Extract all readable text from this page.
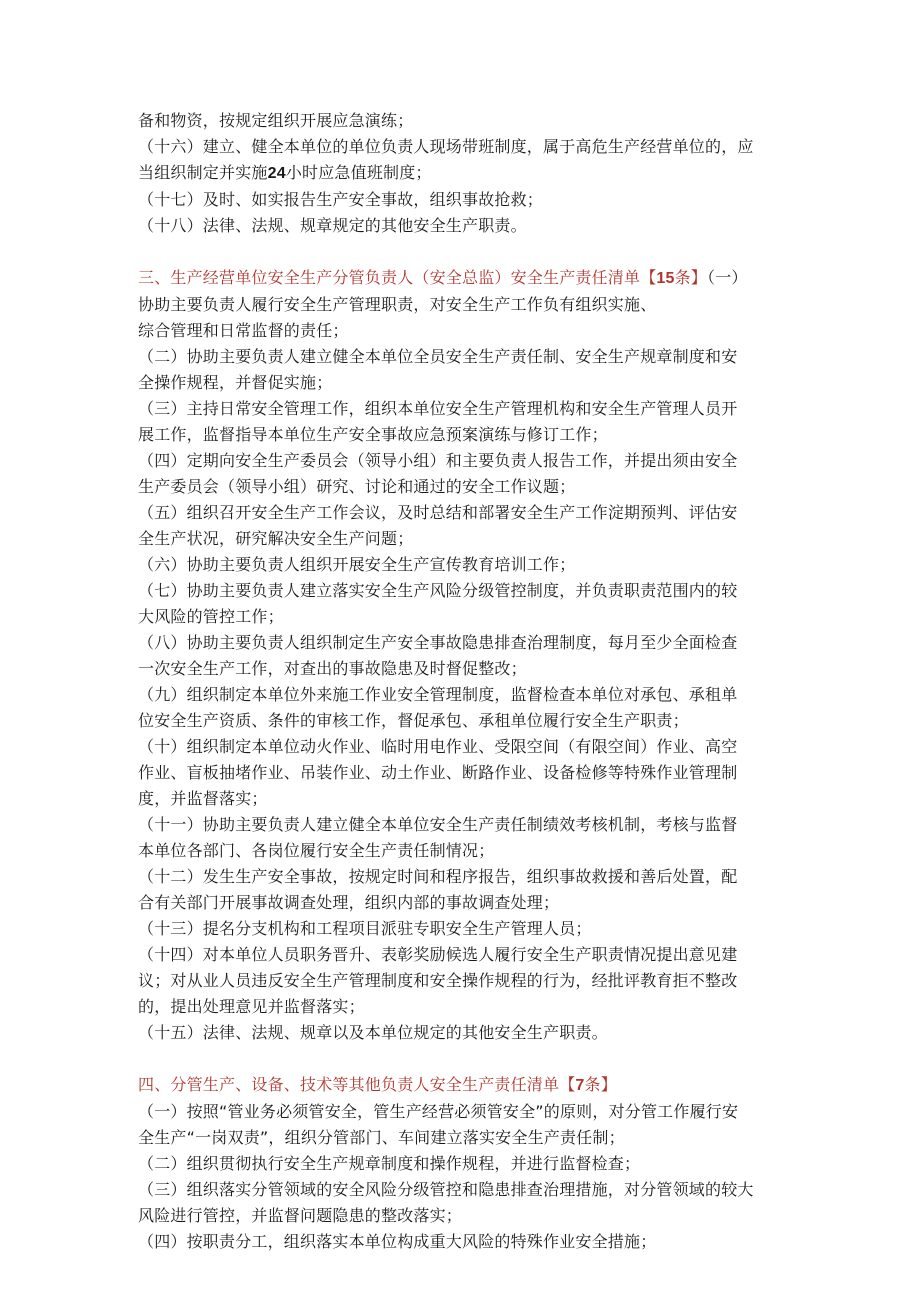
备和物资，按规定组织开展应急演练；
（十六）建立、健全本单位的单位负责人现场带班制度，属于高危生产经营单位的，应
当组织制定并实施24小时应急值班制度；
（十七）及时、如实报告生产安全事故，组织事故抢救；
（十八）法律、法规、规章规定的其他安全生产职责。
三、生产经营单位安全生产分管负责人（安全总监）安全生产责任清单【15条】（一）
协助主要负责人履行安全生产管理职责，对安全生产工作负有组织实施、
综合管理和日常监督的责任；
（二）协助主要负责人建立健全本单位全员安全生产责任制、安全生产规章制度和安
全操作规程，并督促实施；
（三）主持日常安全管理工作，组织本单位安全生产管理机构和安全生产管理人员开
展工作，监督指导本单位生产安全事故应急预案演练与修订工作；
（四）定期向安全生产委员会（领导小组）和主要负责人报告工作，并提出须由安全
生产委员会（领导小组）研究、讨论和通过的安全工作议题；
（五）组织召开安全生产工作会议，及时总结和部署安全生产工作淀期预判、评估安
全生产状况，研究解决安全生产问题；
（六）协助主要负责人组织开展安全生产宣传教育培训工作；
（七）协助主要负责人建立落实安全生产风险分级管控制度，并负责职责范围内的较
大风险的管控工作；
（八）协助主要负责人组织制定生产安全事故隐患排查治理制度，每月至少全面检查
一次安全生产工作，对查出的事故隐患及时督促整改；
（九）组织制定本单位外来施工作业安全管理制度，监督检查本单位对承包、承租单
位安全生产资质、条件的审核工作，督促承包、承租单位履行安全生产职责；
（十）组织制定本单位动火作业、临时用电作业、受限空间（有限空间）作业、高空
作业、盲板抽堵作业、吊装作业、动土作业、断路作业、设备检修等特殊作业管理制
度，并监督落实；
（十一）协助主要负责人建立健全本单位安全生产责任制绩效考核机制，考核与监督
本单位各部门、各岗位履行安全生产责任制情况；
（十二）发生生产安全事故，按规定时间和程序报告，组织事故救援和善后处置，配
合有关部门开展事故调查处理，组织内部的事故调查处理；
（十三）提名分支机构和工程项目派驻专职安全生产管理人员；
（十四）对本单位人员职务晋升、表彰奖励候选人履行安全生产职责情况提出意见建
议；对从业人员违反安全生产管理制度和安全操作规程的行为，经批评教育拒不整改
的，提出处理意见并监督落实；
（十五）法律、法规、规章以及本单位规定的其他安全生产职责。
四、分管生产、设备、技术等其他负责人安全生产责任清单【7条】
（一）按照“管业务必须管安全，管生产经营必须管安全”的原则，对分管工作履行安
全生产“一岗双责”，组织分管部门、车间建立落实安全生产责任制；
（二）组织贯彻执行安全生产规章制度和操作规程，并进行监督检查；
（三）组织落实分管领域的安全风险分级管控和隐患排查治理措施，对分管领域的较大
风险进行管控，并监督问题隐患的整改落实；
（四）按职责分工，组织落实本单位构成重大风险的特殊作业安全措施；
